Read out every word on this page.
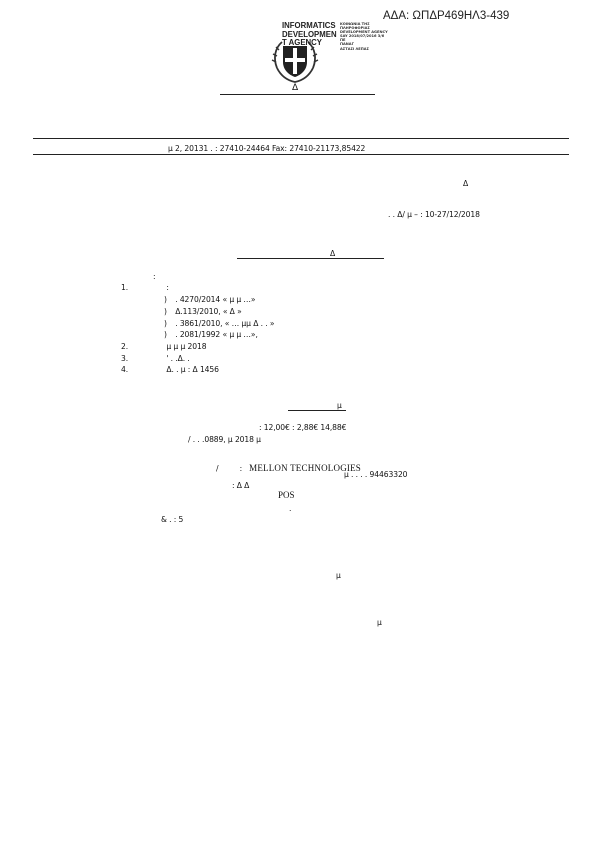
ΑΔΑ: ΩΠΔΡ469ΗΛ3-439
INFORMATICS
DEVELOPMEN
T AGENCY
ΚΟΙΝΩΝΙΑ ΤΗΣ
ΠΛΗΡΟΦΟΡΙΑΣ
DEVELOPMENT AGENCY
SAY 2018/07/2016 3/6
ΠΕ
ΠΑΝΑΓ
ΑΣΤΑΣΙ ΛΕΠΑΣ
Δ
μ 2, 20131 . : 27410-24464 Fax: 27410-21173,85422
Δ
. . Δ/ μ – : 10-27/12/2018
Δ
:
1.	:
) . 4270/2014 « μ μ …»
) Δ.113/2010, « Δ »
) . 3861/2010, « … μμ Δ . . »
) . 2081/1992 « μ μ …»,
2.	μ μ μ 2018
3.	' . .Δ. .
4.	Δ. . μ : Δ 1456
μ
: 12,00€ : 2,88€ 14,88€
/ . . .0889, μ 2018 μ
/	: MELLON TECHNOLOGIES
μ . . . . 94463320
: Δ Δ
POS
.
& . : 5
μ
μ
